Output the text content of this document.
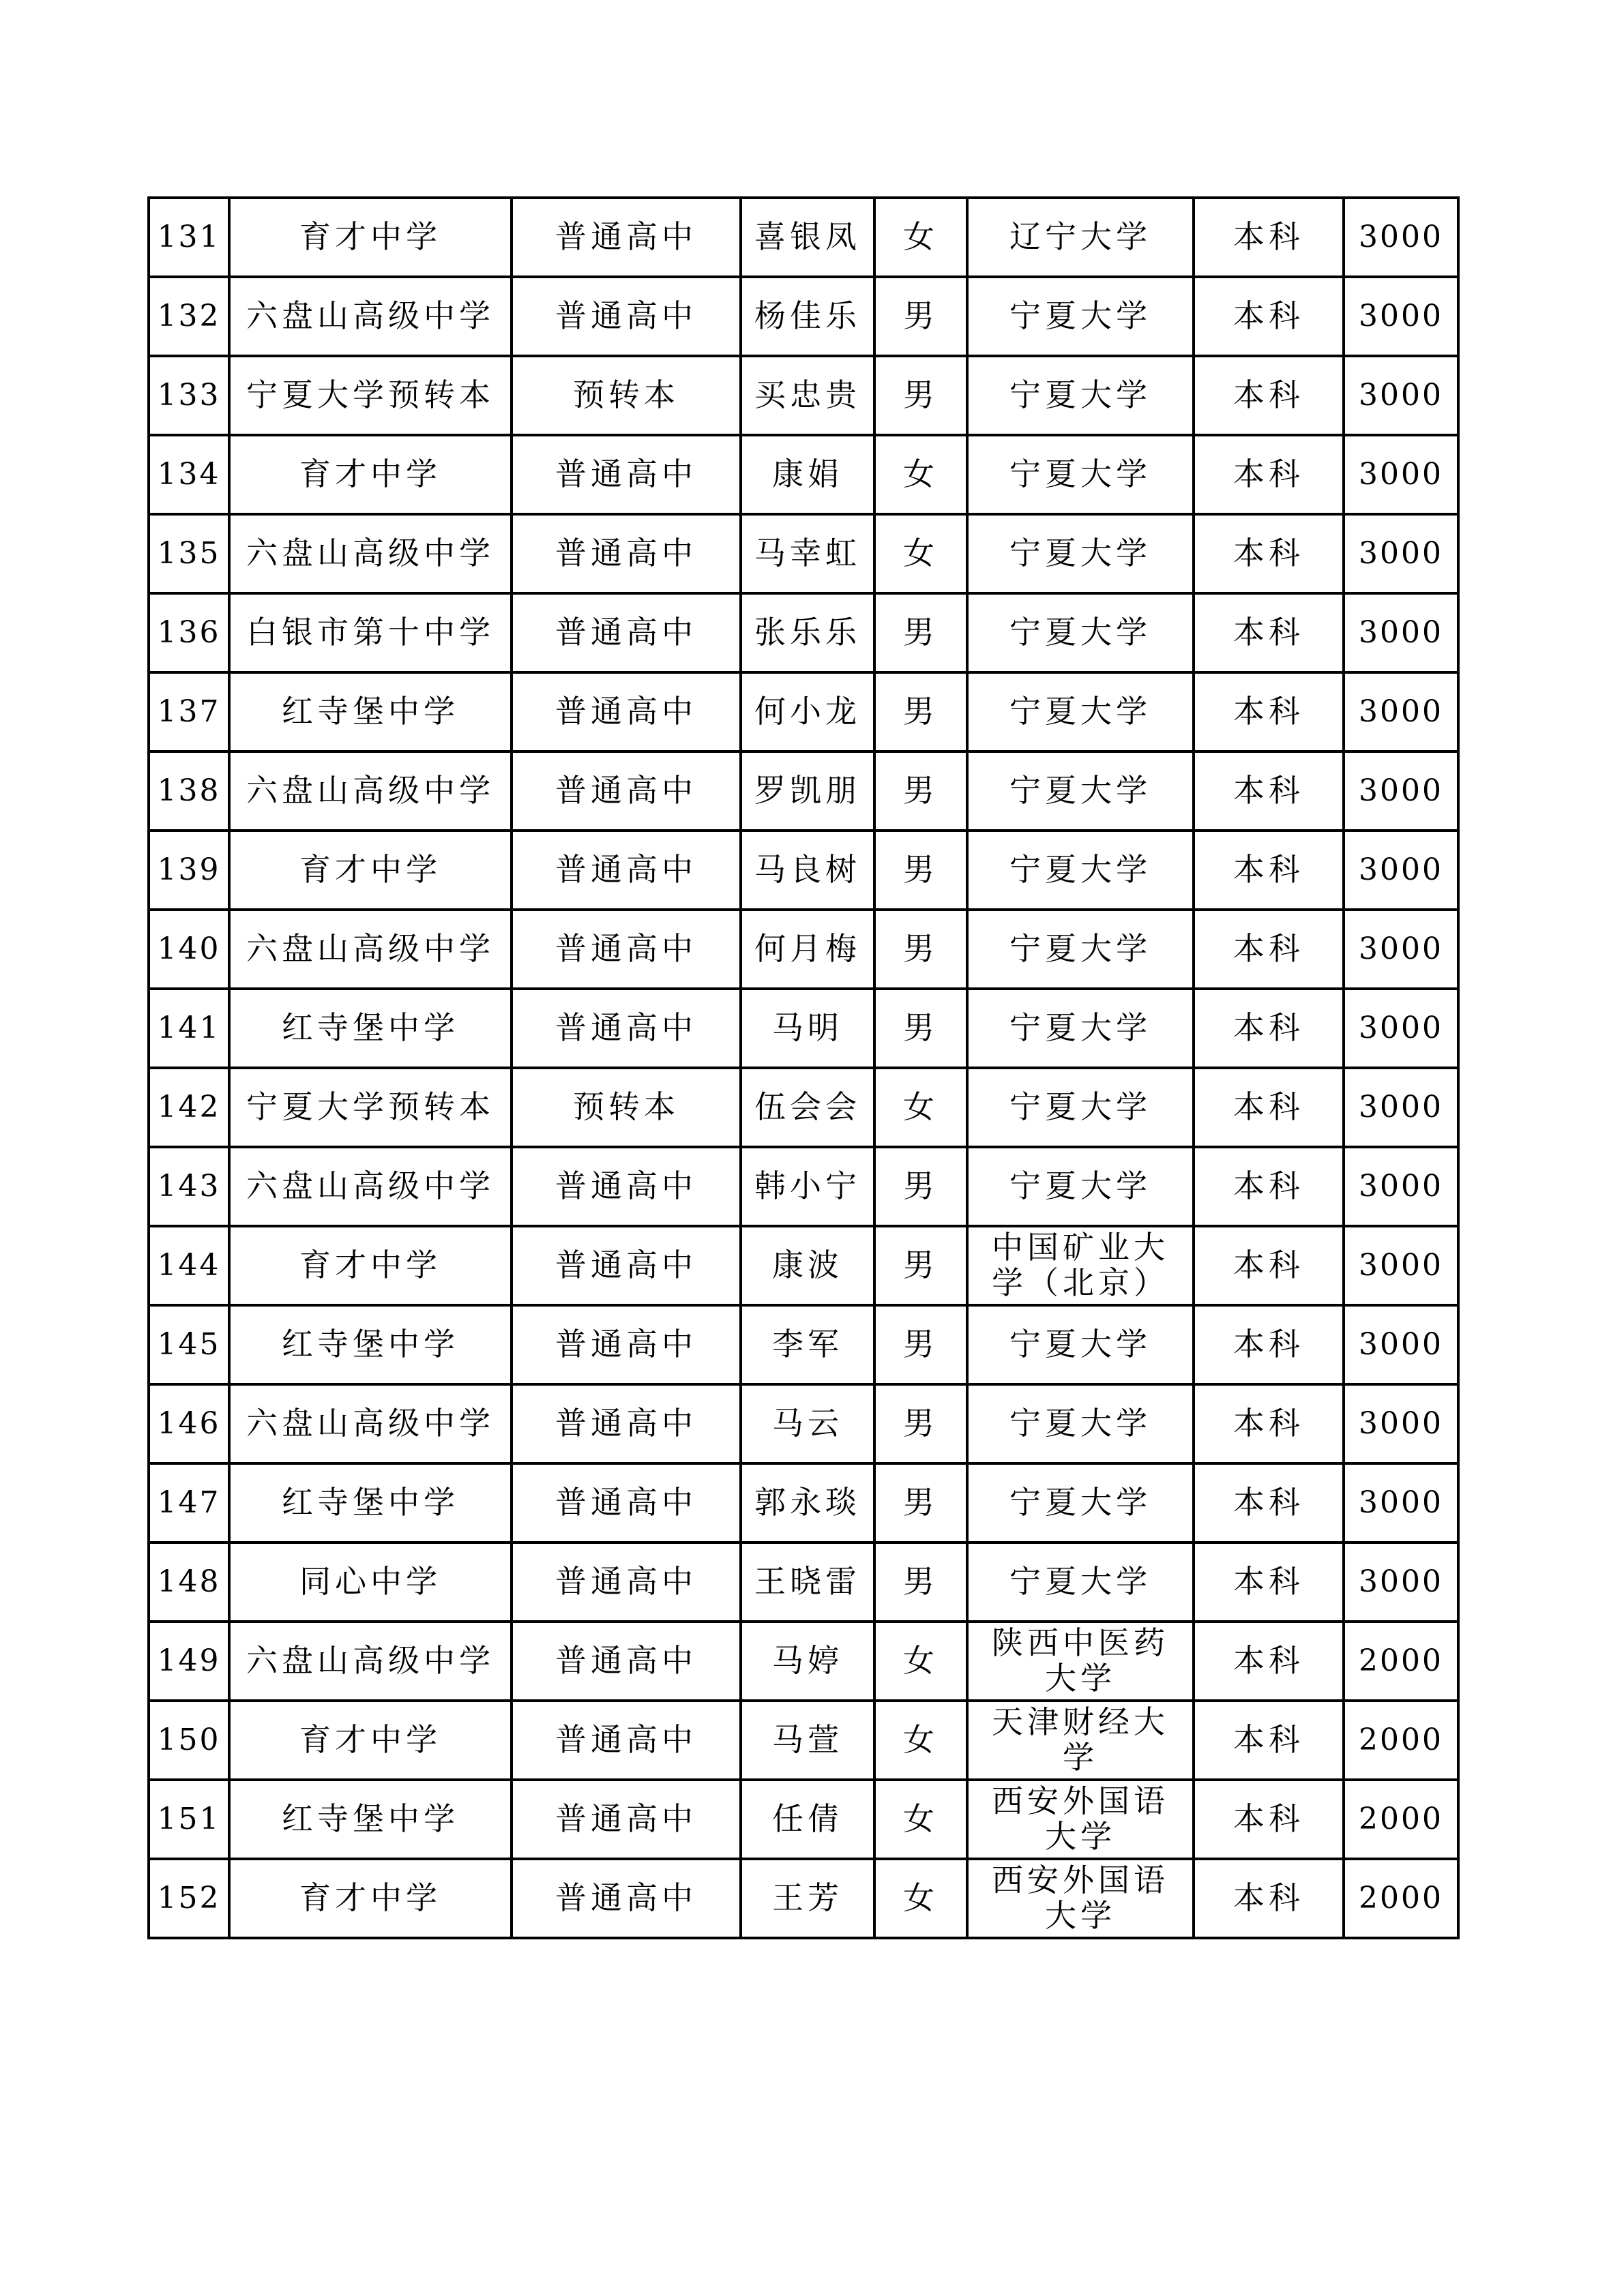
131	育才中学	普通高中	喜银凤	女	辽宁大学	本科	3000
132	六盘山高级中学	普通高中	杨佳乐	男	宁夏大学	本科	3000
133	宁夏大学预转本	预转本	买忠贵	男	宁夏大学	本科	3000
134	育才中学	普通高中	康娟	女	宁夏大学	本科	3000
135	六盘山高级中学	普通高中	马幸虹	女	宁夏大学	本科	3000
136	白银市第十中学	普通高中	张乐乐	男	宁夏大学	本科	3000
137	红寺堡中学	普通高中	何小龙	男	宁夏大学	本科	3000
138	六盘山高级中学	普通高中	罗凯朋	男	宁夏大学	本科	3000
139	育才中学	普通高中	马良树	男	宁夏大学	本科	3000
140	六盘山高级中学	普通高中	何月梅	男	宁夏大学	本科	3000
141	红寺堡中学	普通高中	马明	男	宁夏大学	本科	3000
142	宁夏大学预转本	预转本	伍会会	女	宁夏大学	本科	3000
143	六盘山高级中学	普通高中	韩小宁	男	宁夏大学	本科	3000
144	育才中学	普通高中	康波	男	中国矿业大学（北京）	本科	3000
145	红寺堡中学	普通高中	李军	男	宁夏大学	本科	3000
146	六盘山高级中学	普通高中	马云	男	宁夏大学	本科	3000
147	红寺堡中学	普通高中	郭永琰	男	宁夏大学	本科	3000
148	同心中学	普通高中	王晓雷	男	宁夏大学	本科	3000
149	六盘山高级中学	普通高中	马婷	女	陕西中医药大学	本科	2000
150	育才中学	普通高中	马萱	女	天津财经大学	本科	2000
151	红寺堡中学	普通高中	任倩	女	西安外国语大学	本科	2000
152	育才中学	普通高中	王芳	女	西安外国语大学	本科	2000
